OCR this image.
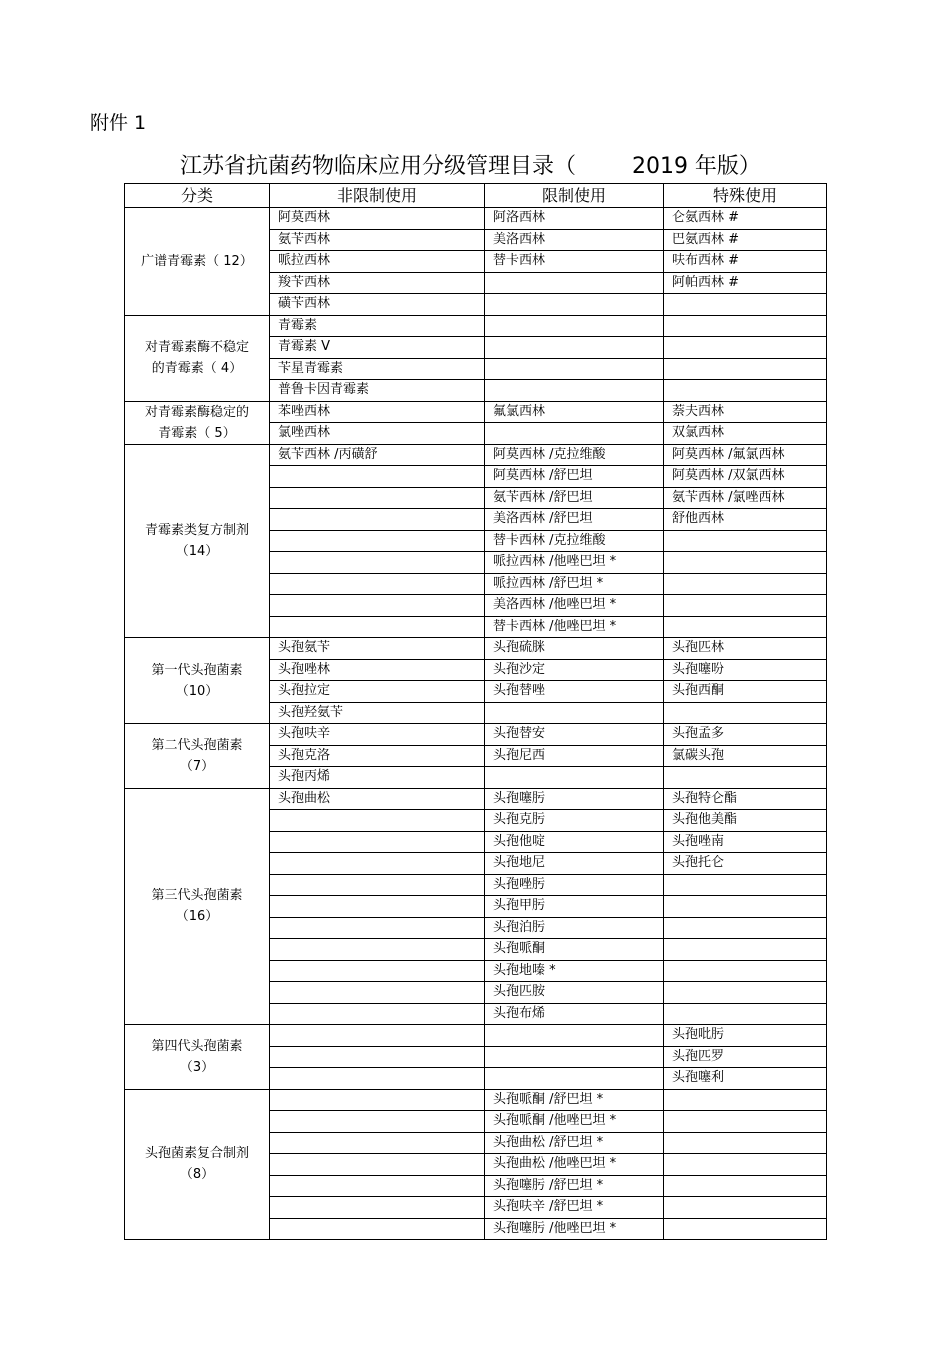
附件 1
江苏省抗菌药物临床应用分级管理目录（        2019 年版）
分类	非限制使用	限制使用	特殊使用

广谱青霉素（ 12）	阿莫西林	阿洛西林	仑氨西林 #
	氨苄西林	美洛西林	巴氨西林 #
	哌拉西林	替卡西林	呋布西林 #
	羧苄西林		阿帕西林 #
	磺苄西林		

对青霉素酶不稳定
的青霉素（ 4）	青霉素		
	青霉素 V		
	苄星青霉素		
	普鲁卡因青霉素		

对青霉素酶稳定的
青霉素（ 5）	苯唑西林	氟氯西林	萘夫西林
	氯唑西林		双氯西林

青霉素类复方制剂
（14）	氨苄西林 /丙磺舒	阿莫西林 /克拉维酸	阿莫西林 /氟氯西林
		阿莫西林 /舒巴坦	阿莫西林 /双氯西林
		氨苄西林 /舒巴坦	氨苄西林 /氯唑西林
		美洛西林 /舒巴坦	舒他西林
		替卡西林 /克拉维酸	
		哌拉西林 /他唑巴坦 *	
		哌拉西林 /舒巴坦 *	
		美洛西林 /他唑巴坦 *	
		替卡西林 /他唑巴坦 *	

第一代头孢菌素
（10）	头孢氨苄	头孢硫脒	头孢匹林
	头孢唑林	头孢沙定	头孢噻吩
	头孢拉定	头孢替唑	头孢西酮
	头孢羟氨苄		

第二代头孢菌素
（7）	头孢呋辛	头孢替安	头孢孟多
	头孢克洛	头孢尼西	氯碳头孢
	头孢丙烯		

第三代头孢菌素
（16）	头孢曲松	头孢噻肟	头孢特仑酯
		头孢克肟	头孢他美酯
		头孢他啶	头孢唑南
		头孢地尼	头孢托仑
		头孢唑肟	
		头孢甲肟	
		头孢泊肟	
		头孢哌酮	
		头孢地嗪 *	
		头孢匹胺	
		头孢布烯	

第四代头孢菌素
（3）			头孢吡肟
			头孢匹罗
			头孢噻利

头孢菌素复合制剂
（8）		头孢哌酮 /舒巴坦 *	
		头孢哌酮 /他唑巴坦 *	
		头孢曲松 /舒巴坦 *	
		头孢曲松 /他唑巴坦 *	
		头孢噻肟 /舒巴坦 *	
		头孢呋辛 /舒巴坦 *	
		头孢噻肟 /他唑巴坦 *	
